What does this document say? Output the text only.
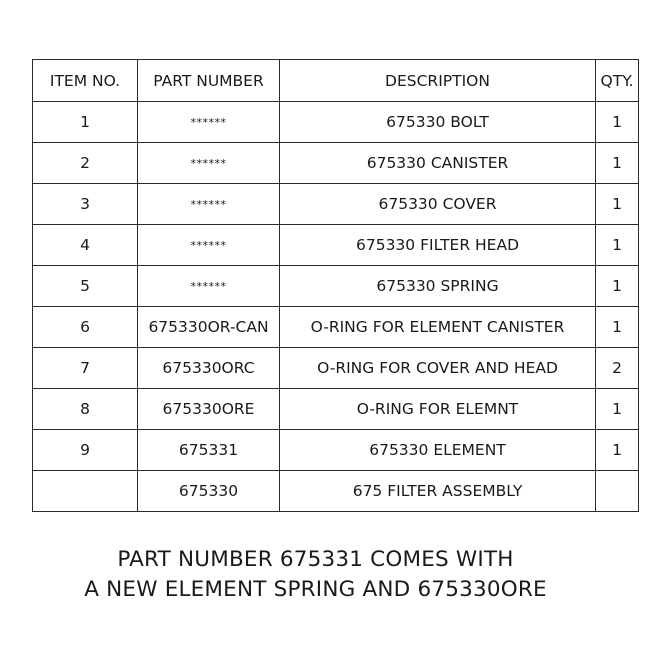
ITEM NO.	PART NUMBER	DESCRIPTION	QTY.
1	******	675330 BOLT	1
2	******	675330 CANISTER	1
3	******	675330 COVER	1
4	******	675330 FILTER HEAD	1
5	******	675330 SPRING	1
6	675330OR-CAN	O-RING FOR ELEMENT CANISTER	1
7	675330ORC	O-RING FOR COVER AND HEAD	2
8	675330ORE	O-RING FOR ELEMNT	1
9	675331	675330 ELEMENT	1
	675330	675 FILTER ASSEMBLY	
PART NUMBER 675331 COMES WITH
A NEW ELEMENT SPRING AND 675330ORE
